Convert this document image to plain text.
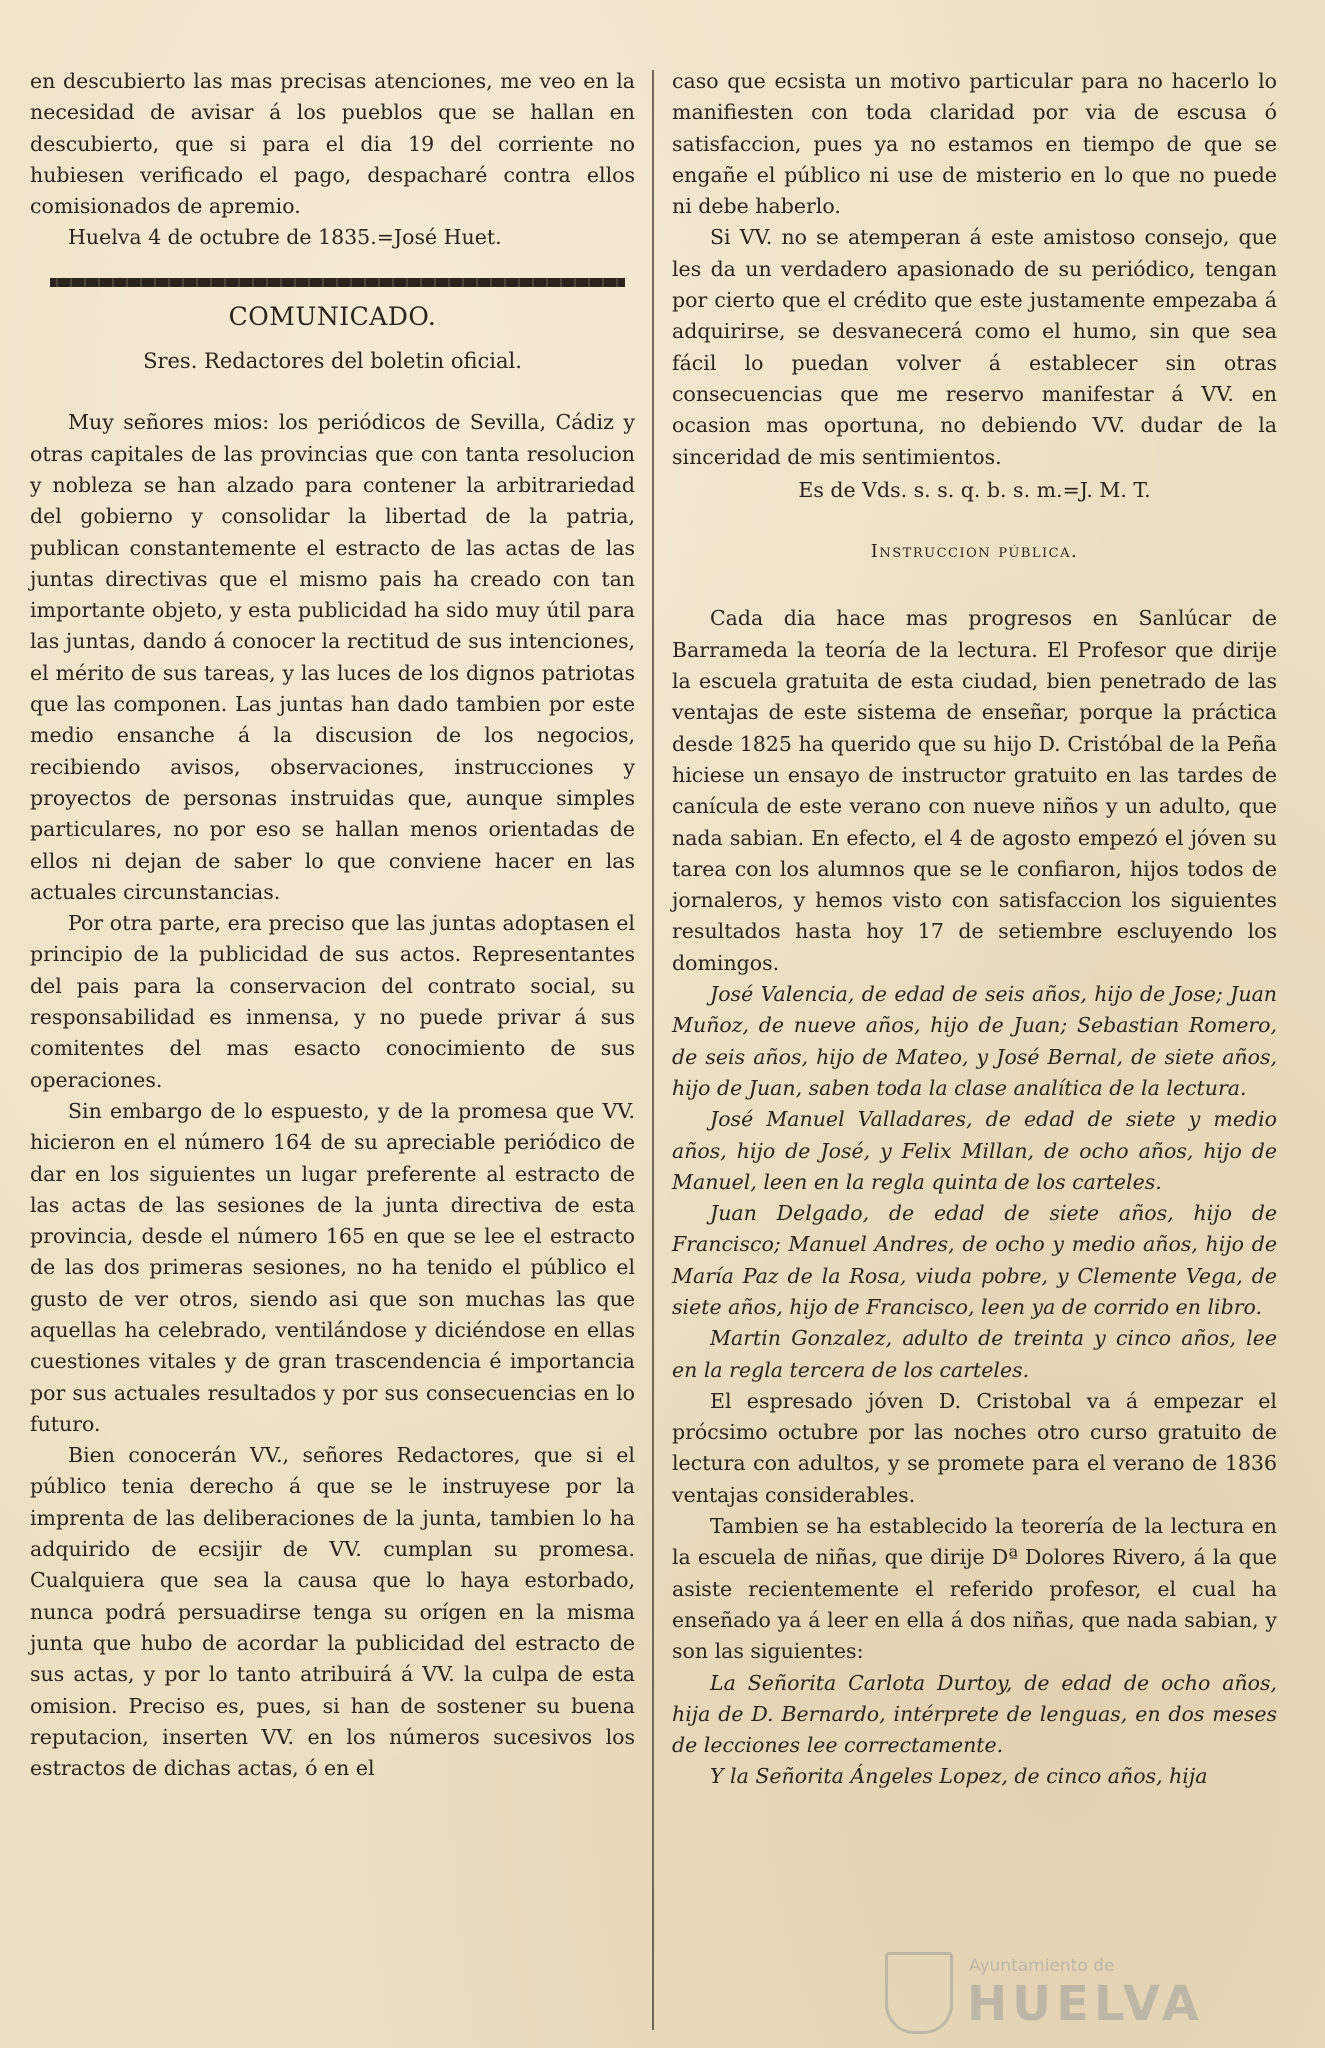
en descubierto las mas precisas atenciones, me veo en la necesidad de avisar á los pueblos que se hallan en descubierto, que si para el dia 19 del corriente no hubiesen verificado el pago, despacharé contra ellos comisionados de apremio.

Huelva 4 de octubre de 1835.=José Huet.

COMUNICADO.
Sres. Redactores del boletin oficial.

Muy señores mios: los periódicos de Sevilla, Cádiz y otras capitales de las provincias que con tanta resolucion y nobleza se han alzado para contener la arbitrariedad del gobierno y consolidar la libertad de la patria, publican constantemente el estracto de las actas de las juntas directivas que el mismo pais ha creado con tan importante objeto, y esta publicidad ha sido muy útil para las juntas, dando á conocer la rectitud de sus intenciones, el mérito de sus tareas, y las luces de los dignos patriotas que las componen. Las juntas han dado tambien por este medio ensanche á la discusion de los negocios, recibiendo avisos, observaciones, instrucciones y proyectos de personas instruidas que, aunque simples particulares, no por eso se hallan menos orientadas de ellos ni dejan de saber lo que conviene hacer en las actuales circunstancias.

Por otra parte, era preciso que las juntas adoptasen el principio de la publicidad de sus actos. Representantes del pais para la conservacion del contrato social, su responsabilidad es inmensa, y no puede privar á sus comitentes del mas esacto conocimiento de sus operaciones.

Sin embargo de lo espuesto, y de la promesa que VV. hicieron en el número 164 de su apreciable periódico de dar en los siguientes un lugar preferente al estracto de las actas de las sesiones de la junta directiva de esta provincia, desde el número 165 en que se lee el estracto de las dos primeras sesiones, no ha tenido el público el gusto de ver otros, siendo asi que son muchas las que aquellas ha celebrado, ventilándose y diciéndose en ellas cuestiones vitales y de gran trascendencia é importancia por sus actuales resultados y por sus consecuencias en lo futuro.

Bien conocerán VV., señores Redactores, que si el público tenia derecho á que se le instruyese por la imprenta de las deliberaciones de la junta, tambien lo ha adquirido de ecsijir de VV. cumplan su promesa. Cualquiera que sea la causa que lo haya estorbado, nunca podrá persuadirse tenga su orígen en la misma junta que hubo de acordar la publicidad del estracto de sus actas, y por lo tanto atribuirá á VV. la culpa de esta omision. Preciso es, pues, si han de sostener su buena reputacion, inserten VV. en los números sucesivos los estractos de dichas actas, ó en el

caso que ecsista un motivo particular para no hacerlo lo manifiesten con toda claridad por via de escusa ó satisfaccion, pues ya no estamos en tiempo de que se engañe el público ni use de misterio en lo que no puede ni debe haberlo.

Si VV. no se atemperan á este amistoso consejo, que les da un verdadero apasionado de su periódico, tengan por cierto que el crédito que este justamente empezaba á adquirirse, se desvanecerá como el humo, sin que sea fácil lo puedan volver á establecer sin otras consecuencias que me reservo manifestar á VV. en ocasion mas oportuna, no debiendo VV. dudar de la sinceridad de mis sentimientos.

Es de Vds. s. s. q. b. s. m.=J. M. T.

Instruccion pública.

Cada dia hace mas progresos en Sanlúcar de Barrameda la teoría de la lectura. El Profesor que dirije la escuela gratuita de esta ciudad, bien penetrado de las ventajas de este sistema de enseñar, porque la práctica desde 1825 ha querido que su hijo D. Cristóbal de la Peña hiciese un ensayo de instructor gratuito en las tardes de canícula de este verano con nueve niños y un adulto, que nada sabian. En efecto, el 4 de agosto empezó el jóven su tarea con los alumnos que se le confiaron, hijos todos de jornaleros, y hemos visto con satisfaccion los siguientes resultados hasta hoy 17 de setiembre escluyendo los domingos.

José Valencia, de edad de seis años, hijo de Jose; Juan Muñoz, de nueve años, hijo de Juan; Sebastian Romero, de seis años, hijo de Mateo, y José Bernal, de siete años, hijo de Juan, saben toda la clase analítica de la lectura.

José Manuel Valladares, de edad de siete y medio años, hijo de José, y Felix Millan, de ocho años, hijo de Manuel, leen en la regla quinta de los carteles.

Juan Delgado, de edad de siete años, hijo de Francisco; Manuel Andres, de ocho y medio años, hijo de María Paz de la Rosa, viuda pobre, y Clemente Vega, de siete años, hijo de Francisco, leen ya de corrido en libro.

Martin Gonzalez, adulto de treinta y cinco años, lee en la regla tercera de los carteles.

El espresado jóven D. Cristobal va á empezar el prócsimo octubre por las noches otro curso gratuito de lectura con adultos, y se promete para el verano de 1836 ventajas considerables.

Tambien se ha establecido la teorería de la lectura en la escuela de niñas, que dirije Dª Dolores Rivero, á la que asiste recientemente el referido profesor, el cual ha enseñado ya á leer en ella á dos niñas, que nada sabian, y son las siguientes:

La Señorita Carlota Durtoy, de edad de ocho años, hija de D. Bernardo, intérprete de lenguas, en dos meses de lecciones lee correctamente.

Y la Señorita Ángeles Lopez, de cinco años, hija

Ayuntamiento de
HUELVA
